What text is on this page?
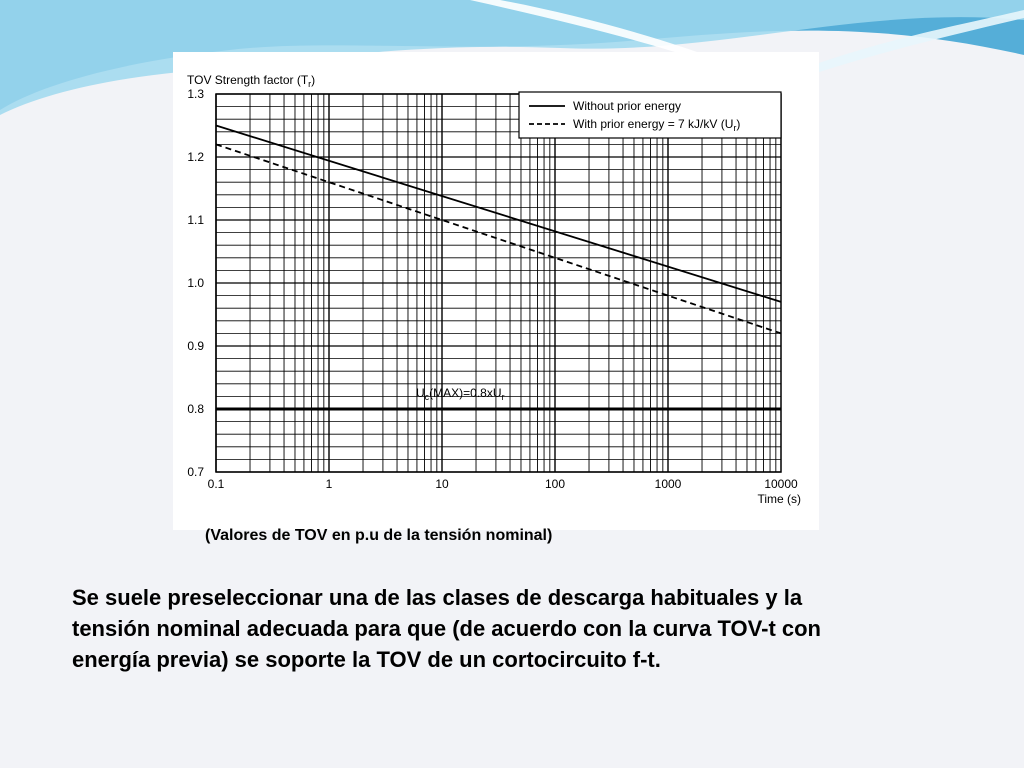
$U_c(MAX)=0.8xU_r$
0.7
0.8
0.9
1.0
1.1
1.2
1.3
0.1	1	10	100	1000	10000
Time (s)
TOV Strength factor $(T_r)$
Without prior energy
With prior energy = 7 kJ/kV $(U_r)$
(Valores de TOV en p.u de la tensión nominal)
Se suele preseleccionar una de las clases de descarga habituales y la
tensión nominal adecuada para que (de acuerdo con la curva TOV-t con
energía previa) se soporte la TOV de un cortocircuito f-t.
